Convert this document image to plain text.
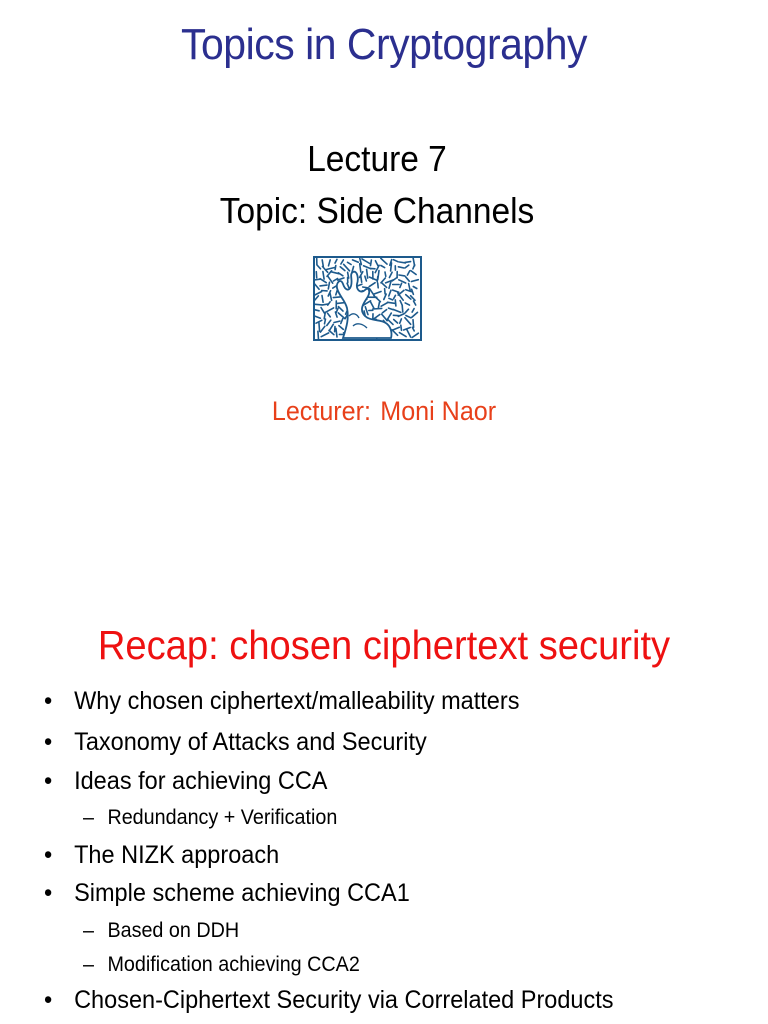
Topics in Cryptography
Lecture 7
Topic: Side Channels
Lecturer: Moni Naor
Recap: chosen ciphertext security
• Why chosen ciphertext/malleability matters
• Taxonomy of Attacks and Security
• Ideas for achieving CCA
– Redundancy + Verification
• The NIZK approach
• Simple scheme achieving CCA1
– Based on DDH
– Modification achieving CCA2
• Chosen-Ciphertext Security via Correlated Products
